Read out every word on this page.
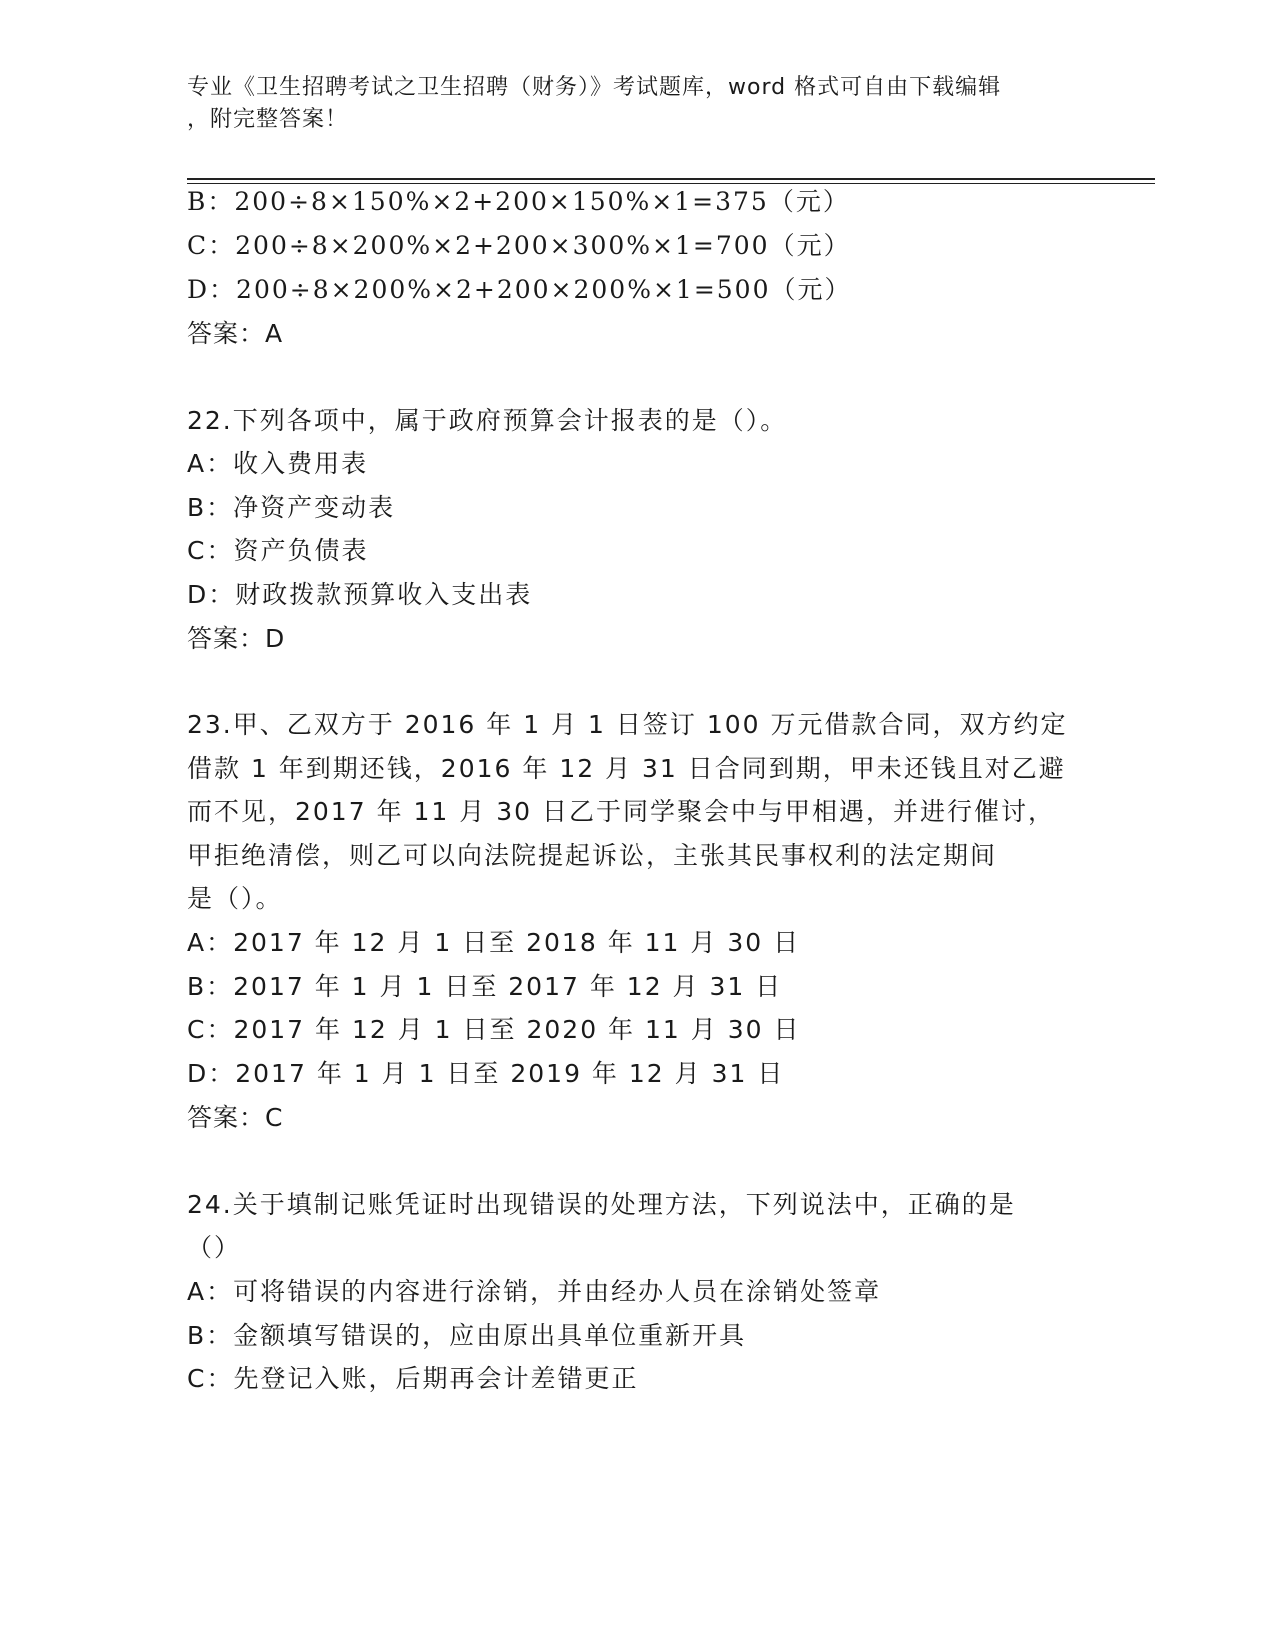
专业《卫生招聘考试之卫生招聘（财务）》考试题库，word 格式可自由下载编辑
，附完整答案！
B：200÷8×150%×2+200×150%×1=375（元）
C：200÷8×200%×2+200×300%×1=700（元）
D：200÷8×200%×2+200×200%×1=500（元）
答案：A
22.下列各项中，属于政府预算会计报表的是（）。
A：收入费用表
B：净资产变动表
C：资产负债表
D：财政拨款预算收入支出表
答案：D
23.甲、乙双方于 2016 年 1 月 1 日签订 100 万元借款合同，双方约定
借款 1 年到期还钱，2016 年 12 月 31 日合同到期，甲未还钱且对乙避
而不见，2017 年 11 月 30 日乙于同学聚会中与甲相遇，并进行催讨，
甲拒绝清偿，则乙可以向法院提起诉讼，主张其民事权利的法定期间
是（）。
A：2017 年 12 月 1 日至 2018 年 11 月 30 日
B：2017 年 1 月 1 日至 2017 年 12 月 31 日
C：2017 年 12 月 1 日至 2020 年 11 月 30 日
D：2017 年 1 月 1 日至 2019 年 12 月 31 日
答案：C
24.关于填制记账凭证时出现错误的处理方法，下列说法中，正确的是
（）
A：可将错误的内容进行涂销，并由经办人员在涂销处签章
B：金额填写错误的，应由原出具单位重新开具
C：先登记入账，后期再会计差错更正
